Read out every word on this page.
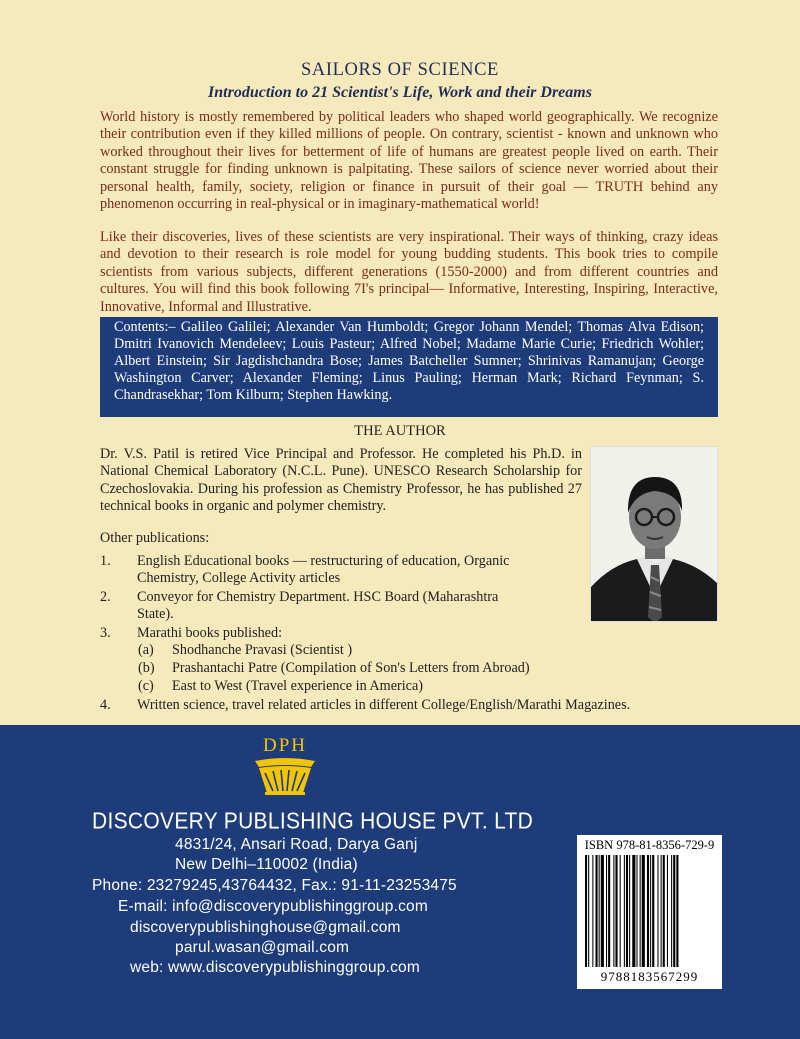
SAILORS OF SCIENCE
Introduction to 21 Scientist's Life, Work and their Dreams
World history is mostly remembered by political leaders who shaped world geographically. We recognize their contribution even if they killed millions of people. On contrary, scientist - known and unknown who worked throughout their lives for betterment of life of humans are greatest people lived on earth. Their constant struggle for finding unknown is palpitating. These sailors of science never worried about their personal health, family, society, religion or finance in pursuit of their goal — TRUTH behind any phenomenon occurring in real-physical or in imaginary-mathematical world!
Like their discoveries, lives of these scientists are very inspirational. Their ways of thinking, crazy ideas and devotion to their research is role model for young budding students. This book tries to compile scientists from various subjects, different generations (1550-2000) and from different countries and cultures. You will find this book following 7I's principal— Informative, Interesting, Inspiring, Interactive, Innovative, Informal and Illustrative.
Contents:– Galileo Galilei; Alexander Van Humboldt; Gregor Johann Mendel; Thomas Alva Edison; Dmitri Ivanovich Mendeleev; Louis Pasteur; Alfred Nobel; Madame Marie Curie; Friedrich Wohler; Albert Einstein; Sir Jagdishchandra Bose; James Batcheller Sumner; Shrinivas Ramanujan; George Washington Carver; Alexander Fleming; Linus Pauling; Herman Mark; Richard Feynman; S. Chandrasekhar; Tom Kilburn; Stephen Hawking.
THE AUTHOR
Dr. V.S. Patil is retired Vice Principal and Professor. He completed his Ph.D. in National Chemical Laboratory (N.C.L. Pune). UNESCO Research Scholarship for Czechoslovakia. During his profession as Chemistry Professor, he has published 27 technical books in organic and polymer chemistry.
Other publications:
1.	English Educational books — restructuring of education, Organic
Chemistry, College Activity articles
2.	Conveyor for Chemistry Department. HSC Board (Maharashtra
State).
3.	Marathi books published:
(a)	Shodhanche Pravasi (Scientist )
(b)	Prashantachi Patre (Compilation of Son's Letters from Abroad)
(c)	East to West (Travel experience in America)
4.	Written science, travel related articles in different College/English/Marathi Magazines.
DPH
DISCOVERY PUBLISHING HOUSE PVT. LTD
4831/24, Ansari Road, Darya Ganj
New Delhi–110002 (India)
Phone: 23279245,43764432, Fax.: 91-11-23253475
E-mail: info@discoverypublishinggroup.com
discoverypublishinghouse@gmail.com
parul.wasan@gmail.com
web: www.discoverypublishinggroup.com
ISBN 978-81-8356-729-9
9788183567299
